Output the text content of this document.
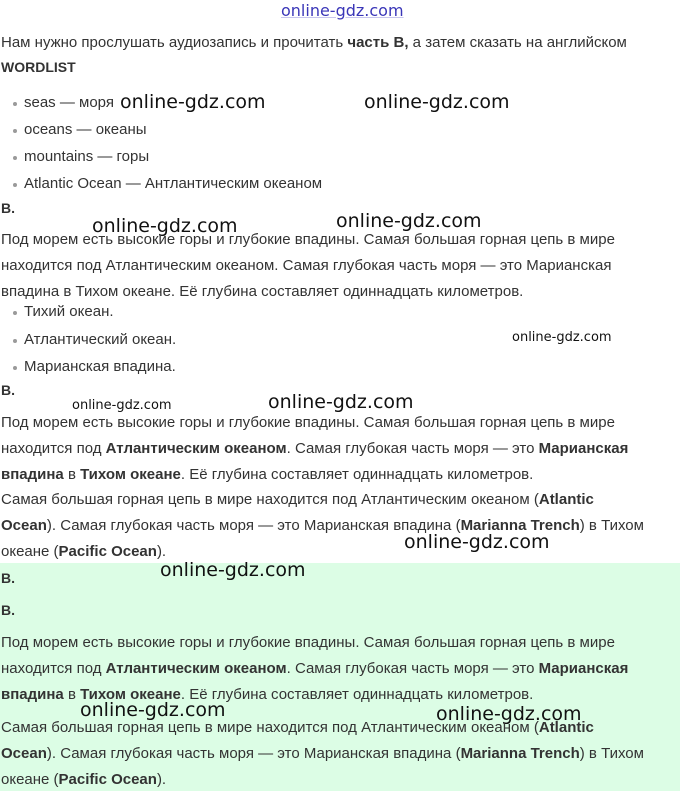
online-gdz.com
Нам нужно прослушать аудиозапись и прочитать часть B, а затем сказать на английском
WORDLIST
seas — моря
oceans — океаны
mountains — горы
Atlantic Ocean — Антлантическим океаном
B.
Под морем есть высокие горы и глубокие впадины. Самая большая горная цепь в мире
находится под Атлантическим океаном. Самая глубокая часть моря — это Марианская
впадина в Тихом океане. Её глубина составляет одиннадцать километров.
Тихий океан.
Атлантический океан.
Марианская впадина.
B.
Под морем есть высокие горы и глубокие впадины. Самая большая горная цепь в мире
находится под Атлантическим океаном. Самая глубокая часть моря — это Марианская
впадина в Тихом океане. Её глубина составляет одиннадцать километров.
Самая большая горная цепь в мире находится под Атлантическим океаном (Atlantic
Ocean). Самая глубокая часть моря — это Марианская впадина (Marianna Trench) в Тихом
океане (Pacific Ocean).
B.
B.
Под морем есть высокие горы и глубокие впадины. Самая большая горная цепь в мире
находится под Атлантическим океаном. Самая глубокая часть моря — это Марианская
впадина в Тихом океане. Её глубина составляет одиннадцать километров.
Самая большая горная цепь в мире находится под Атлантическим океаном (Atlantic
Ocean). Самая глубокая часть моря — это Марианская впадина (Marianna Trench) в Тихом
океане (Pacific Ocean).
online-gdz.com	online-gdz.com
online-gdz.com	online-gdz.com
online-gdz.com
online-gdz.com	online-gdz.com
online-gdz.com
online-gdz.com
online-gdz.com	online-gdz.com
